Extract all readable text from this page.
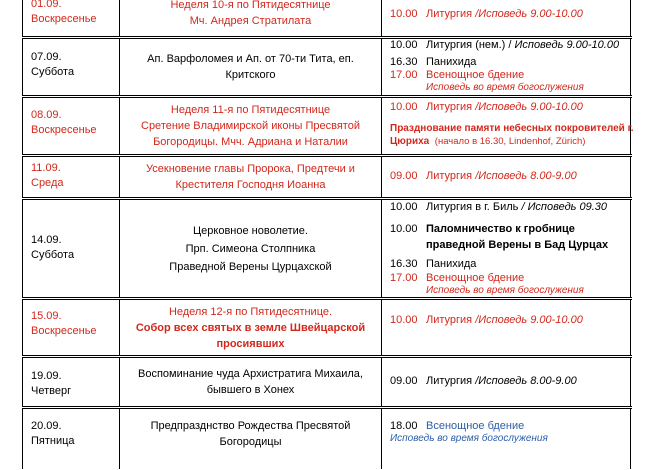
01.09.
Воскресенье
Неделя 10-я по Пятидесятнице
Мч. Андрея Стратилата
10.00 Литургия /Исповедь 9.00-10.00
07.09.
Суббота
Ап. Варфоломея и Ап. от 70-ти Тита, еп.
Критского
10.00 Литургия (нем.) / Исповедь 9.00-10.00
16.30 Панихида
17.00 Всенощное бдение
Исповедь во время богослужения
08.09.
Воскресенье
Неделя 11-я по Пятидесятнице
Сретение Владимирской иконы Пресвятой
Богородицы. Мчч. Адриана и Наталии
10.00 Литургия /Исповедь 9.00-10.00
Празднование памяти небесных покровителей г.
Цюриха (начало в 16.30, Lindenhof, Zürich)
11.09.
Среда
Усекновение главы Пророка, Предтечи и
Крестителя Господня Иоанна
09.00 Литургия /Исповедь 8.00-9.00
14.09.
Суббота
Церковное новолетие.
Прп. Симеона Столпника
Праведной Верены Цурцахской
10.00 Литургия в г. Биль / Исповедь 09.30
10.00 Паломничество к гробнице
праведной Верены в Бад Цурцах
16.30 Панихида
17.00 Всенощное бдение
Исповедь во время богослужения
15.09.
Воскресенье
Неделя 12-я по Пятидесятнице.
Собор всех святых в земле Швейцарской
просиявших
10.00 Литургия /Исповедь 9.00-10.00
19.09.
Четверг
Воспоминание чуда Архистратига Михаила,
бывшего в Хонех
09.00 Литургия /Исповедь 8.00-9.00
20.09.
Пятница
Предпразднство Рождества Пресвятой
Богородицы
18.00 Всенощное бдение
Исповедь во время богослужения
